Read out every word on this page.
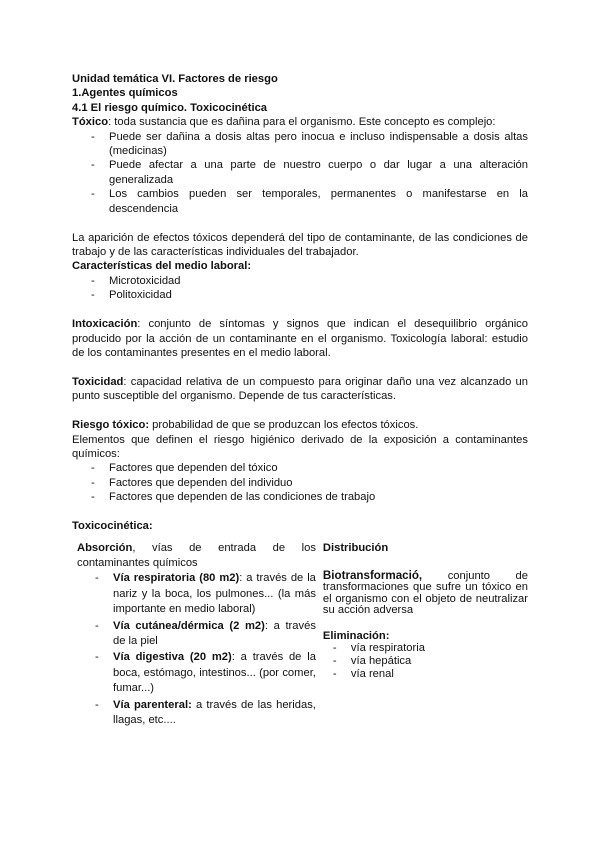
Unidad temática VI. Factores de riesgo

1.Agentes químicos

4.1 El riesgo químico. Toxicocinética

Tóxico: toda sustancia que es dañina para el organismo. Este concepto es complejo:

- Puede ser dañina a dosis altas pero inocua e incluso indispensable a dosis altas (medicinas)
- Puede afectar a una parte de nuestro cuerpo o dar lugar a una alteración generalizada
- Los cambios pueden ser temporales, permanentes o manifestarse en la descendencia

La aparición de efectos tóxicos dependerá del tipo de contaminante, de las condiciones de trabajo y de las características individuales del trabajador.

Características del medio laboral:

- Microtoxicidad
- Politoxicidad

Intoxicación: conjunto de síntomas y signos que indican el desequilibrio orgánico producido por la acción de un contaminante en el organismo. Toxicología laboral: estudio de los contaminantes presentes en el medio laboral.

Toxicidad: capacidad relativa de un compuesto para originar daño una vez alcanzado un punto susceptible del organismo. Depende de tus características.

Riesgo tóxico: probabilidad de que se produzcan los efectos tóxicos.

Elementos que definen el riesgo higiénico derivado de la exposición a contaminantes químicos:

- Factores que dependen del tóxico
- Factores que dependen del individuo
- Factores que dependen de las condiciones de trabajo

Toxicocinética:

Absorción, vías de entrada de los contaminantes químicos

- Vía respiratoria (80 m2): a través de la nariz y la boca, los pulmones... (la más importante en medio laboral)
- Vía cutánea/dérmica (2 m2): a través de la piel
- Vía digestiva (20 m2): a través de la boca, estómago, intestinos... (por comer, fumar...)
- Vía parenteral: a través de las heridas, llagas, etc....

Distribución

Biotransformació, conjunto de transformaciones que sufre un tóxico en el organismo con el objeto de neutralizar su acción adversa

Eliminación:

- vía respiratoria
- vía hepática
- vía renal
